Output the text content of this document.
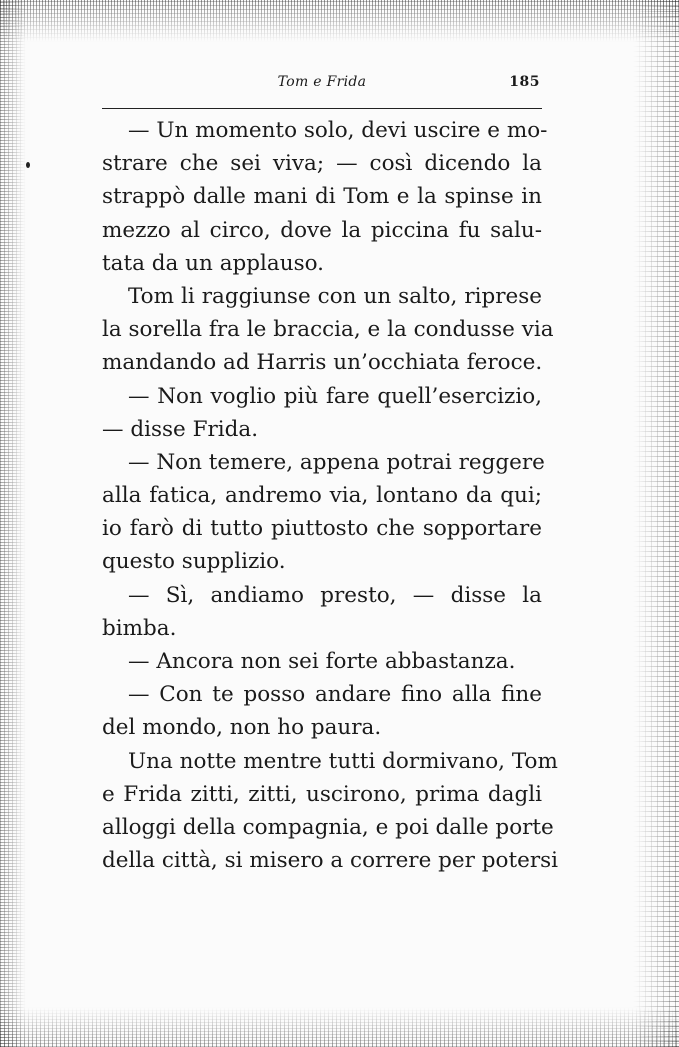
Tom e Frida	185
— Un momento solo, devi uscire e mo-
strare che sei viva; — così dicendo la
strappò dalle mani di Tom e la spinse in
mezzo al circo, dove la piccina fu salu-
tata da un applauso.
Tom li raggiunse con un salto, riprese
la sorella fra le braccia, e la condusse via
mandando ad Harris un’occhiata feroce.
— Non voglio più fare quell’esercizio,
— disse Frida.
— Non temere, appena potrai reggere
alla fatica, andremo via, lontano da qui;
io farò di tutto piuttosto che sopportare
questo supplizio.
— Sì, andiamo presto, — disse la
bimba.
— Ancora non sei forte abbastanza.
— Con te posso andare fino alla fine
del mondo, non ho paura.
Una notte mentre tutti dormivano, Tom
e Frida zitti, zitti, uscirono, prima dagli
alloggi della compagnia, e poi dalle porte
della città, si misero a correre per potersi
